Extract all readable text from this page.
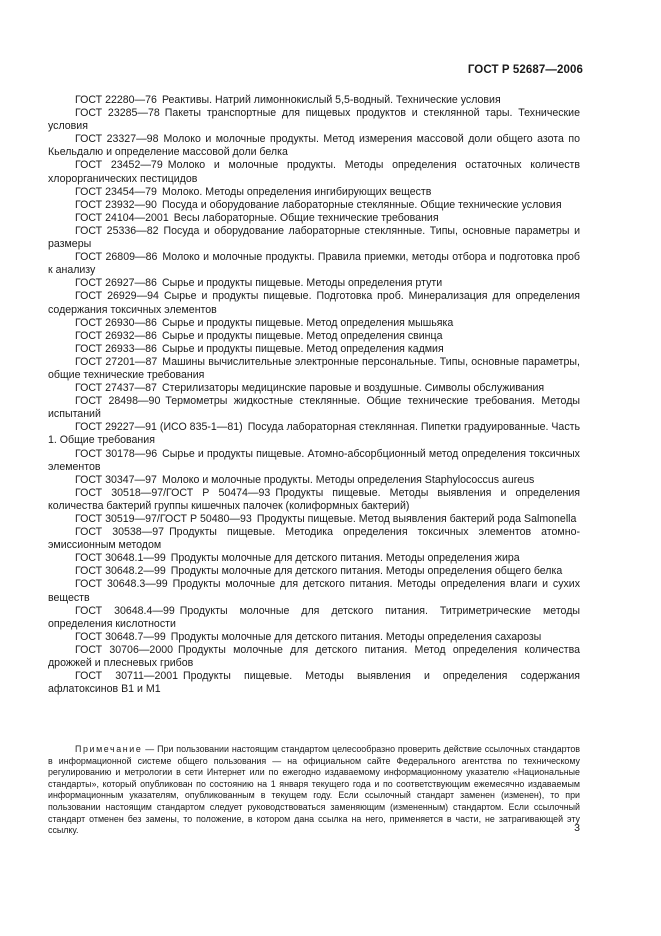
ГОСТ Р 52687—2006

ГОСТ 22280—76 Реактивы. Натрий лимоннокислый 5,5-водный. Технические условия

ГОСТ 23285—78 Пакеты транспортные для пищевых продуктов и стеклянной тары. Технические условия

ГОСТ 23327—98 Молоко и молочные продукты. Метод измерения массовой доли общего азота по Кьельдалю и определение массовой доли белка

ГОСТ 23452—79 Молоко и молочные продукты. Методы определения остаточных количеств хлорорганических пестицидов

ГОСТ 23454—79 Молоко. Методы определения ингибирующих веществ

ГОСТ 23932—90 Посуда и оборудование лабораторные стеклянные. Общие технические условия

ГОСТ 24104—2001 Весы лабораторные. Общие технические требования

ГОСТ 25336—82 Посуда и оборудование лабораторные стеклянные. Типы, основные параметры и размеры

ГОСТ 26809—86 Молоко и молочные продукты. Правила приемки, методы отбора и подготовка проб к анализу

ГОСТ 26927—86 Сырье и продукты пищевые. Методы определения ртути

ГОСТ 26929—94 Сырье и продукты пищевые. Подготовка проб. Минерализация для определения содержания токсичных элементов

ГОСТ 26930—86 Сырье и продукты пищевые. Метод определения мышьяка

ГОСТ 26932—86 Сырье и продукты пищевые. Метод определения свинца

ГОСТ 26933—86 Сырье и продукты пищевые. Метод определения кадмия

ГОСТ 27201—87 Машины вычислительные электронные персональные. Типы, основные параметры, общие технические требования

ГОСТ 27437—87 Стерилизаторы медицинские паровые и воздушные. Символы обслуживания

ГОСТ 28498—90 Термометры жидкостные стеклянные. Общие технические требования. Методы испытаний

ГОСТ 29227—91 (ИСО 835-1—81) Посуда лабораторная стеклянная. Пипетки градуированные. Часть 1. Общие требования

ГОСТ 30178—96 Сырье и продукты пищевые. Атомно-абсорбционный метод определения токсичных элементов

ГОСТ 30347—97 Молоко и молочные продукты. Методы определения Staphylococcus aureus

ГОСТ 30518—97/ГОСТ Р 50474—93 Продукты пищевые. Методы выявления и определения количества бактерий группы кишечных палочек (колиформных бактерий)

ГОСТ 30519—97/ГОСТ Р 50480—93 Продукты пищевые. Метод выявления бактерий рода Salmonella

ГОСТ 30538—97 Продукты пищевые. Методика определения токсичных элементов атомно-эмиссионным методом

ГОСТ 30648.1—99 Продукты молочные для детского питания. Методы определения жира

ГОСТ 30648.2—99 Продукты молочные для детского питания. Методы определения общего белка

ГОСТ 30648.3—99 Продукты молочные для детского питания. Методы определения влаги и сухих веществ

ГОСТ 30648.4—99 Продукты молочные для детского питания. Титриметрические методы определения кислотности

ГОСТ 30648.7—99 Продукты молочные для детского питания. Методы определения сахарозы

ГОСТ 30706—2000 Продукты молочные для детского питания. Метод определения количества дрожжей и плесневых грибов

ГОСТ 30711—2001 Продукты пищевые. Методы выявления и определения содержания афлатоксинов В1 и М1

Примечание — При пользовании настоящим стандартом целесообразно проверить действие ссылочных стандартов в информационной системе общего пользования — на официальном сайте Федерального агентства по техническому регулированию и метрологии в сети Интернет или по ежегодно издаваемому информационному указателю «Национальные стандарты», который опубликован по состоянию на 1 января текущего года и по соответствующим ежемесячно издаваемым информационным указателям, опубликованным в текущем году. Если ссылочный стандарт заменен (изменен), то при пользовании настоящим стандартом следует руководствоваться заменяющим (измененным) стандартом. Если ссылочный стандарт отменен без замены, то положение, в котором дана ссылка на него, применяется в части, не затрагивающей эту ссылку.	3
